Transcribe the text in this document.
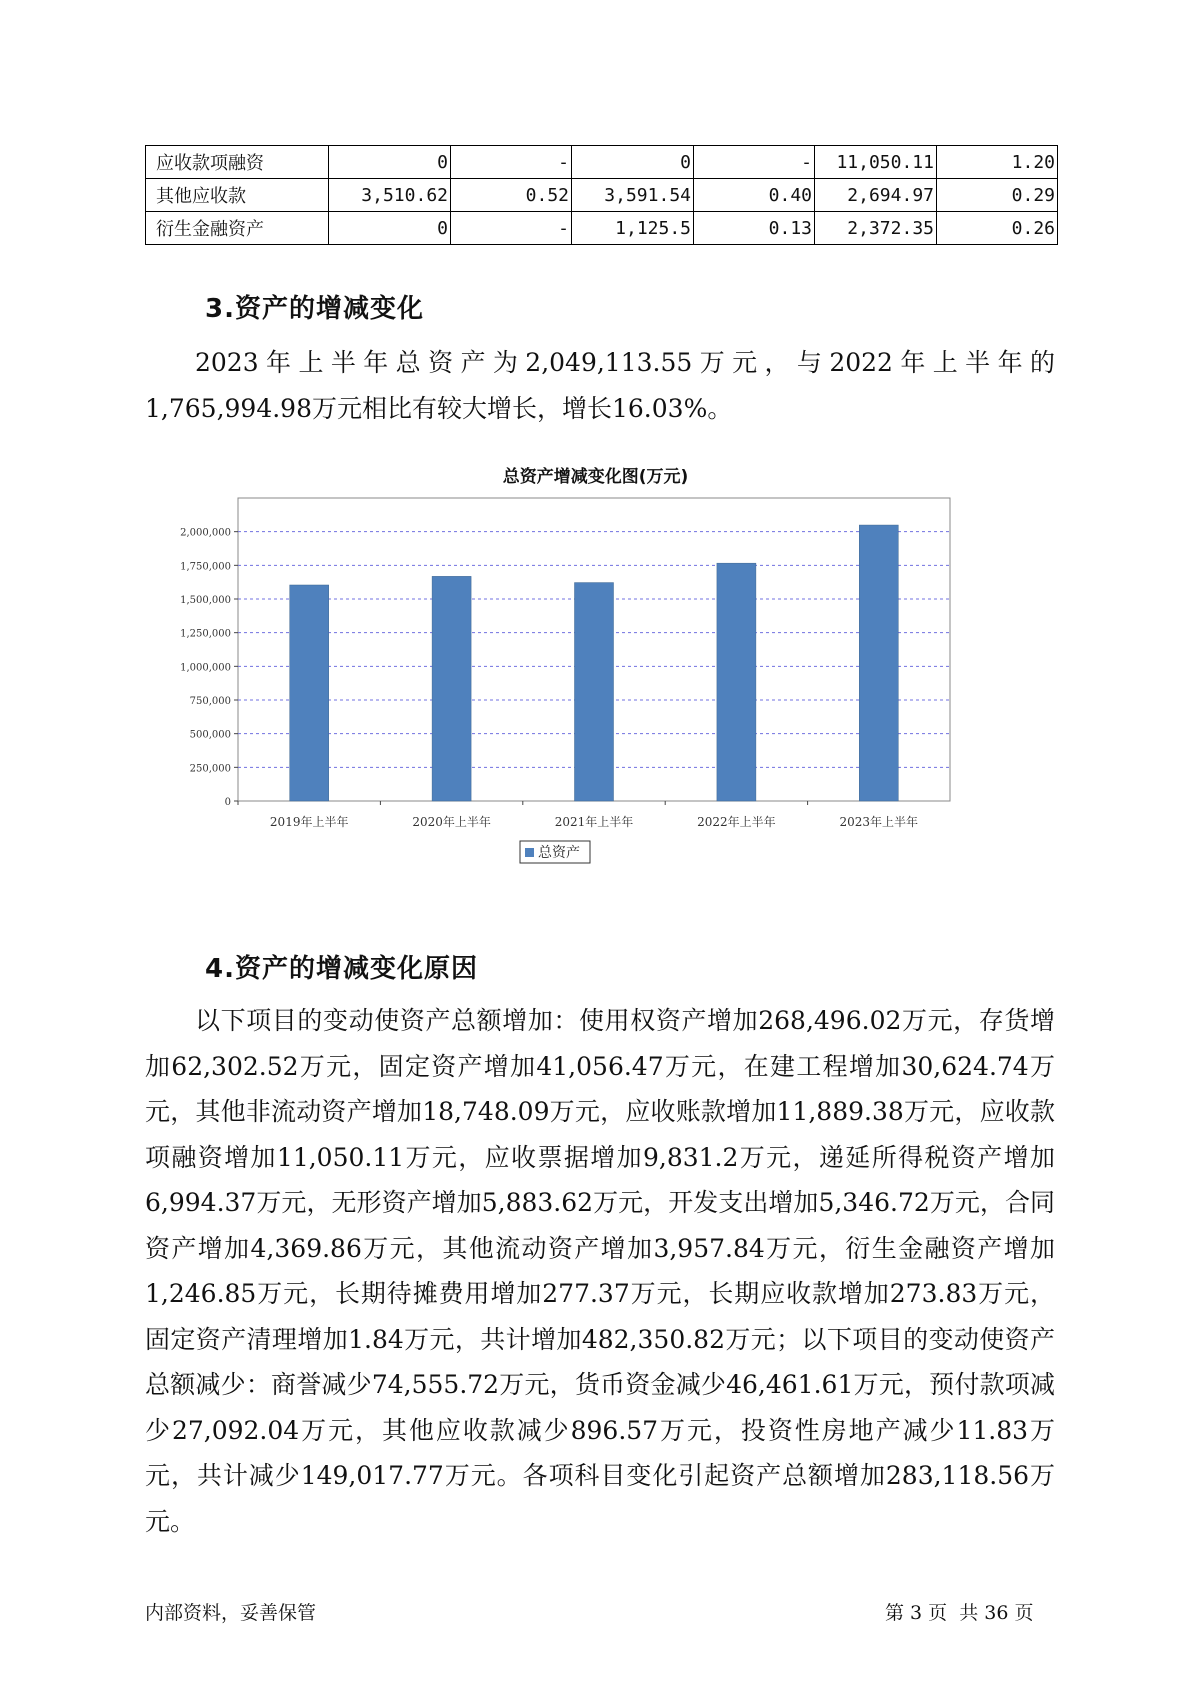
应收款项融资	0	-	0	-	11,050.11	1.20
其他应收款	3,510.62	0.52	3,591.54	0.40	2,694.97	0.29
衍生金融资产	0	-	1,125.5	0.13	2,372.35	0.26
3.资产的增减变化

2023年上半年总资产为2,049,113.55万元，与2022年上半年的1,765,994.98万元相比有较大增长，增长16.03%。

总资产增减变化图(万元)
0
250,000
500,000
750,000
1,000,000
1,250,000
1,500,000
1,750,000
2,000,000
2019年上半年	2020年上半年	2021年上半年	2022年上半年	2023年上半年
总资产
4.资产的增减变化原因

以下项目的变动使资产总额增加：使用权资产增加268,496.02万元，存货增加62,302.52万元，固定资产增加41,056.47万元，在建工程增加30,624.74万元，其他非流动资产增加18,748.09万元，应收账款增加11,889.38万元，应收款项融资增加11,050.11万元，应收票据增加9,831.2万元，递延所得税资产增加6,994.37万元，无形资产增加5,883.62万元，开发支出增加5,346.72万元，合同资产增加4,369.86万元，其他流动资产增加3,957.84万元，衍生金融资产增加1,246.85万元，长期待摊费用增加277.37万元，长期应收款增加273.83万元，固定资产清理增加1.84万元，共计增加482,350.82万元；以下项目的变动使资产总额减少：商誉减少74,555.72万元，货币资金减少46,461.61万元，预付款项减少27,092.04万元，其他应收款减少896.57万元，投资性房地产减少11.83万元，共计减少149,017.77万元。各项科目变化引起资产总额增加283,118.56万元。

内部资料，妥善保管	第 3 页  共 36 页
